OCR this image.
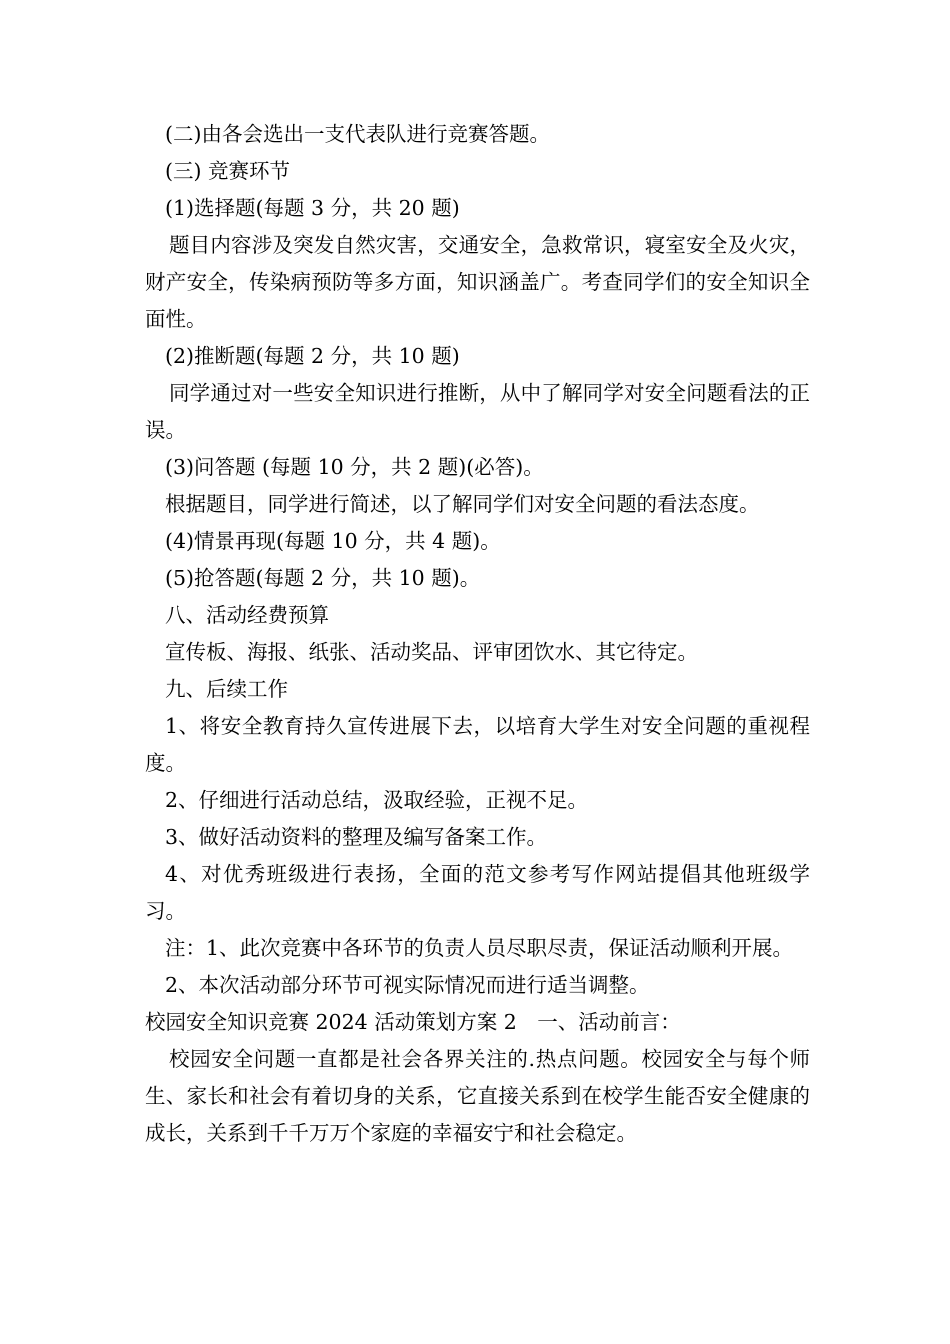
(二)由各会选出一支代表队进行竞赛答题。

(三) 竞赛环节

(1)选择题(每题 3 分，共 20 题)

题目内容涉及突发自然灾害，交通安全，急救常识，寝室安全及火灾，财产安全，传染病预防等多方面，知识涵盖广。考查同学们的安全知识全面性。

(2)推断题(每题 2 分，共 10 题)

同学通过对一些安全知识进行推断，从中了解同学对安全问题看法的正误。

(3)问答题 (每题 10 分，共 2 题)(必答)。

根据题目，同学进行简述，以了解同学们对安全问题的看法态度。

(4)情景再现(每题 10 分，共 4 题)。

(5)抢答题(每题 2 分，共 10 题)。

八、活动经费预算

宣传板、海报、纸张、活动奖品、评审团饮水、其它待定。

九、后续工作

1、将安全教育持久宣传进展下去，以培育大学生对安全问题的重视程度。

2、仔细进行活动总结，汲取经验，正视不足。

3、做好活动资料的整理及编写备案工作。

4、对优秀班级进行表扬，全面的范文参考写作网站提倡其他班级学习。

注：1、此次竞赛中各环节的负责人员尽职尽责，保证活动顺利开展。

2、本次活动部分环节可视实际情况而进行适当调整。

校园安全知识竞赛 2024 活动策划方案 2　一、活动前言：

校园安全问题一直都是社会各界关注的.热点问题。校园安全与每个师生、家长和社会有着切身的关系，它直接关系到在校学生能否安全健康的成长，关系到千千万万个家庭的幸福安宁和社会稳定。
